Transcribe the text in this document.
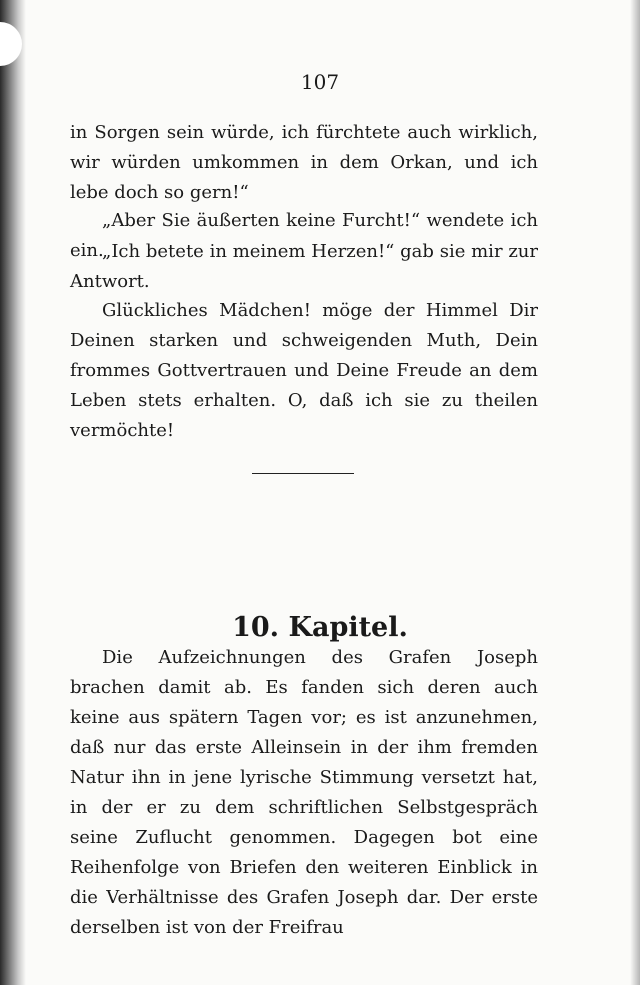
107

in Sorgen sein würde, ich fürchtete auch wirklich, wir würden umkommen in dem Orkan, und ich lebe doch so gern!“

„Aber Sie äußerten keine Furcht!“ wendete ich ein.

„Ich betete in meinem Herzen!“ gab sie mir zur Antwort.

Glückliches Mädchen! möge der Himmel Dir Deinen starken und schweigenden Muth, Dein frommes Gottvertrauen und Deine Freude an dem Leben stets erhalten. O, daß ich sie zu theilen vermöchte!

10. Kapitel.

Die Aufzeichnungen des Grafen Joseph brachen damit ab. Es fanden sich deren auch keine aus spätern Tagen vor; es ist anzunehmen, daß nur das erste Alleinsein in der ihm fremden Natur ihn in jene lyrische Stimmung versetzt hat, in der er zu dem schriftlichen Selbstgespräch seine Zuflucht genommen. Dagegen bot eine Reihenfolge von Briefen den weiteren Einblick in die Verhältnisse des Grafen Joseph dar. Der erste derselben ist von der Freifrau
